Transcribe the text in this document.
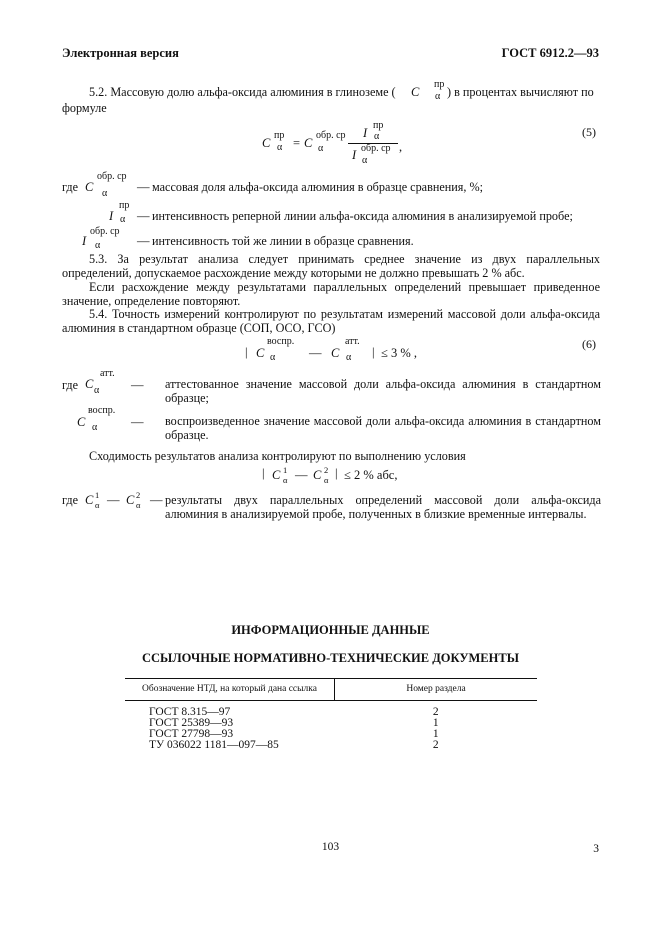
Электронная версия	ГОСТ 6912.2—93
5.2. Массовую долю альфа-оксида алюминия в глиноземе ( C
пр
α ) в процентах вычисляют по
формуле
C
пр
α = C
обр. ср
α
I
пр
α
I обр. ср
α
,
(5)
где C
обр. ср
α — массовая доля альфа-оксида алюминия в образце сравнения, %;
I
пр
α — интенсивность реперной линии альфа-оксида алюминия в анализируемой пробе;
I
обр. ср
α	— интенсивность той же линии в образце сравнения.
5.3. За результат анализа следует принимать среднее значение из двух параллельных определений, допускаемое расхождение между которыми не должно превышать 2 % абс.
Если расхождение между результатами параллельных определений превышает приведенное значение, определение повторяют.
5.4. Точность измерений контролируют по результатам измерений массовой доли альфа-оксида алюминия в стандартном образце (СОП, ОСО, ГСО)
| C
воспр.
α	— C
атт.
α | ≤ 3 % ,
(6)
где C
атт.
α	— аттестованное значение массовой доли альфа-оксида алюминия в стандартном образце;
C
воспр.
α	— воспроизведенное значение массовой доли альфа-оксида алюминия в стандартном образце.
Сходимость результатов анализа контролируют по выполнению условия
| C 1
α — C 2
α | ≤ 2 % абс,
где C 1
α — C 2
α — результаты двух параллельных определений массовой доли альфа-оксида алюминия в анализируемой пробе, полученных в близкие временные интервалы.
ИНФОРМАЦИОННЫЕ ДАННЫЕ
ССЫЛОЧНЫЕ НОРМАТИВНО-ТЕХНИЧЕСКИЕ ДОКУМЕНТЫ
Обозначение НТД, на который дана ссылка	Номер раздела
ГОСТ 8.315—97	2
ГОСТ 25389—93	1
ГОСТ 27798—93	1
ТУ 036022 1181—097—85	2
103	3
